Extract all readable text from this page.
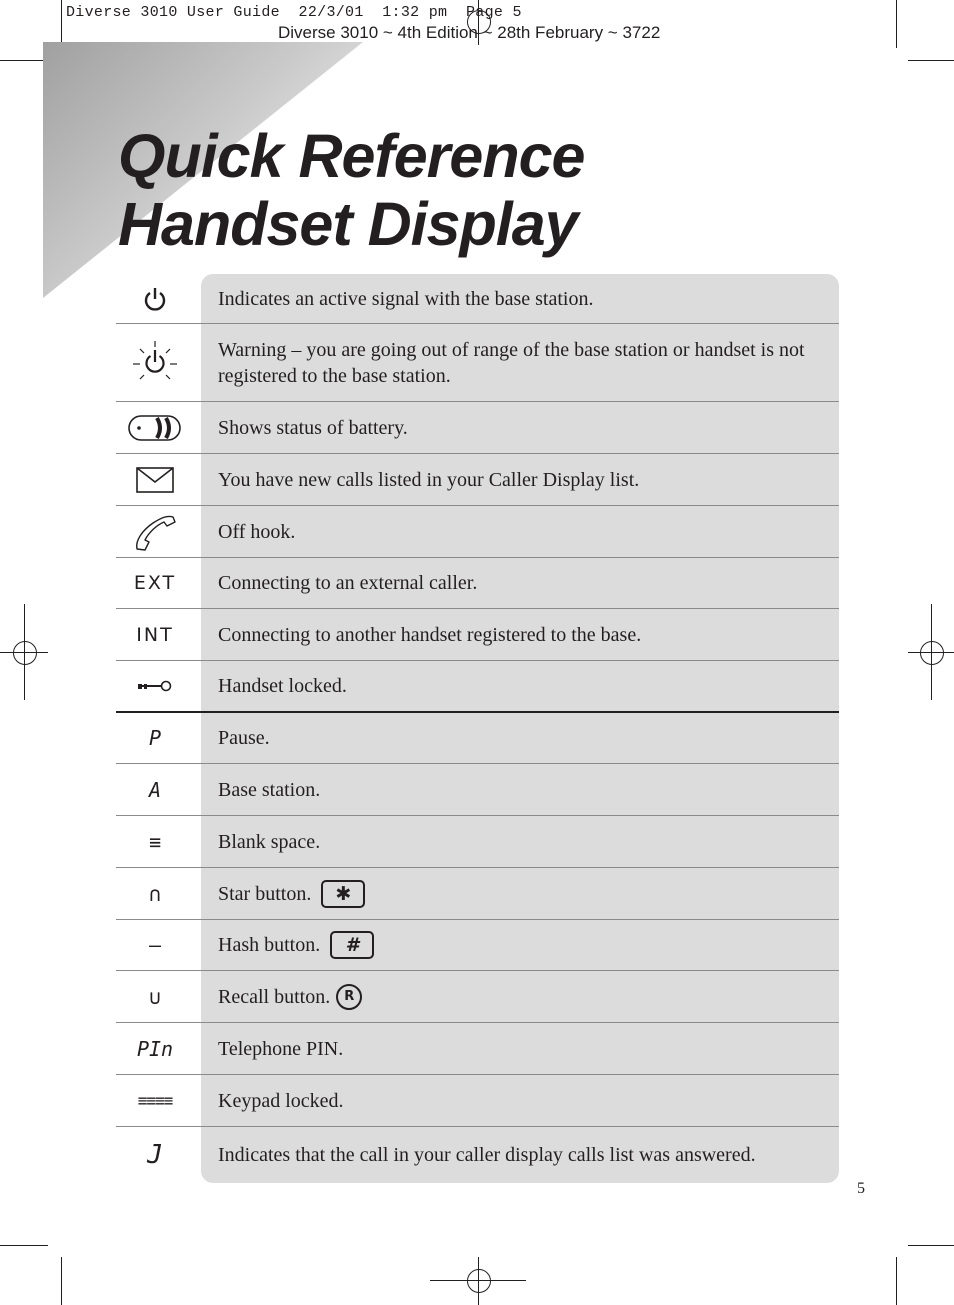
Diverse 3010 User Guide  22/3/01  1:32 pm  Page 5
Diverse 3010 ~ 4th Edition ~ 28th February ~ 3722
Quick Reference
Handset Display
Indicates an active signal with the base station.
Warning – you are going out of range of the base station or handset is not registered to the base station.
Shows status of battery.
You have new calls listed in your Caller Display list.
Off hook.
EXT Connecting to an external caller.
INT Connecting to another handset registered to the base.
Handset locked.
P	Pause.
A	Base station.
≡	Blank space.
∩	Star button.	✱
—	Hash button.	#
∪	Recall button.	R
PIn Telephone PIN.
≡≡≡≡ Keypad locked.
J	Indicates that the call in your caller display calls list was answered.
5
